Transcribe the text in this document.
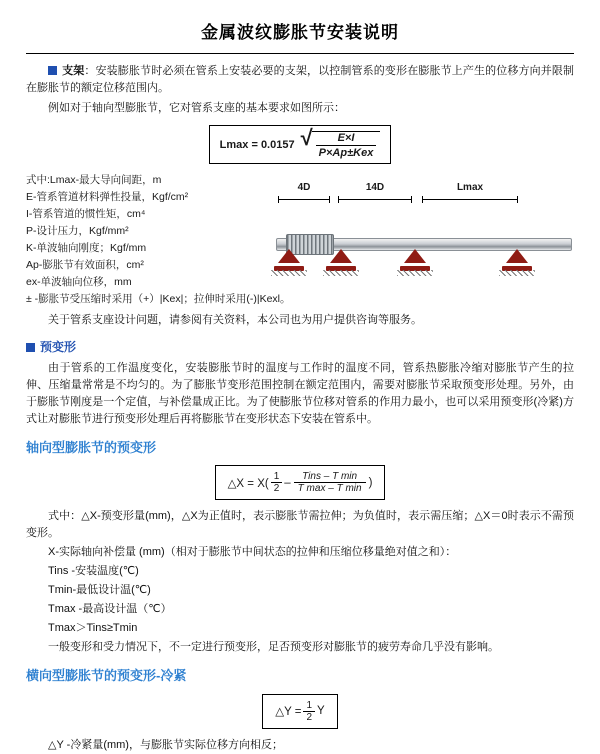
金属波纹膨胀节安装说明

支架：安装膨胀节时必须在管系上安装必要的支架，以控制管系的变形在膨胀节上产生的位移方向并限制在膨胀节的额定位移范围内。

例如对于轴向型膨胀节，它对管系支座的基本要求如图所示：

Lmax = 0.0157 √ $\frac{E\times I}{\text{P×Ap±Kex}}$
式中:Lmax-最大导向间距，m
E-管系管道材料弹性投量，Kgf/cm²
I-管系管道的惯性矩，cm⁴
P-设计压力，Kgf/mm²
K-单波轴向刚度；Kgf/mm
Ap-膨胀节有效面积，cm²
ex-单波轴向位移，mm
± -膨胀节受压缩时采用（+）|Kex|；拉伸时采用(-)|Kexl。
4D	14D	Lmax

关于管系支座设计问题，请参阅有关资料，本公司也为用户提供咨询等服务。

预变形

由于管系的工作温度变化，安装膨胀节时的温度与工作时的温度不同，管系热膨胀冷缩对膨胀节产生的拉伸、压缩量常常是不均匀的。为了膨胀节变形范围控制在额定范围内，需要对膨胀节采取预变形处理。另外，由于膨胀节刚度是一个定值，与补偿量成正比。为了使膨胀节位移对管系的作用力最小，也可以采用预变形(冷紧)方式让对膨胀节进行预变形处理后再将膨胀节在变形状态下安装在管系中。

轴向型膨胀节的预变形

△X = $X( \frac{1}{2}$ –	Tins – T min
T max – T min )

式中：△X-预变形量(mm)，△X为正值时，表示膨胀节需拉伸；为负值时，表示需压缩；△X＝0时表示不需预变形。

X-实际轴向补偿量 (mm)（相对于膨胀节中间状态的拉伸和压缩位移量绝对值之和）：

Tins -安装温度(℃)

Tmin-最低设计温(℃)

Tmax -最高设计温（℃）

Tmax＞Tins≥Tmin

一般变形和受力情况下，不一定进行预变形，足否预变形对膨胀节的疲劳寿命几乎没有影响。

横向型膨胀节的预变形-冷紧

△Y = $\frac{1}{2}$ Y

△Y -冷紧量(mm)，与膨胀节实际位移方向相反；
